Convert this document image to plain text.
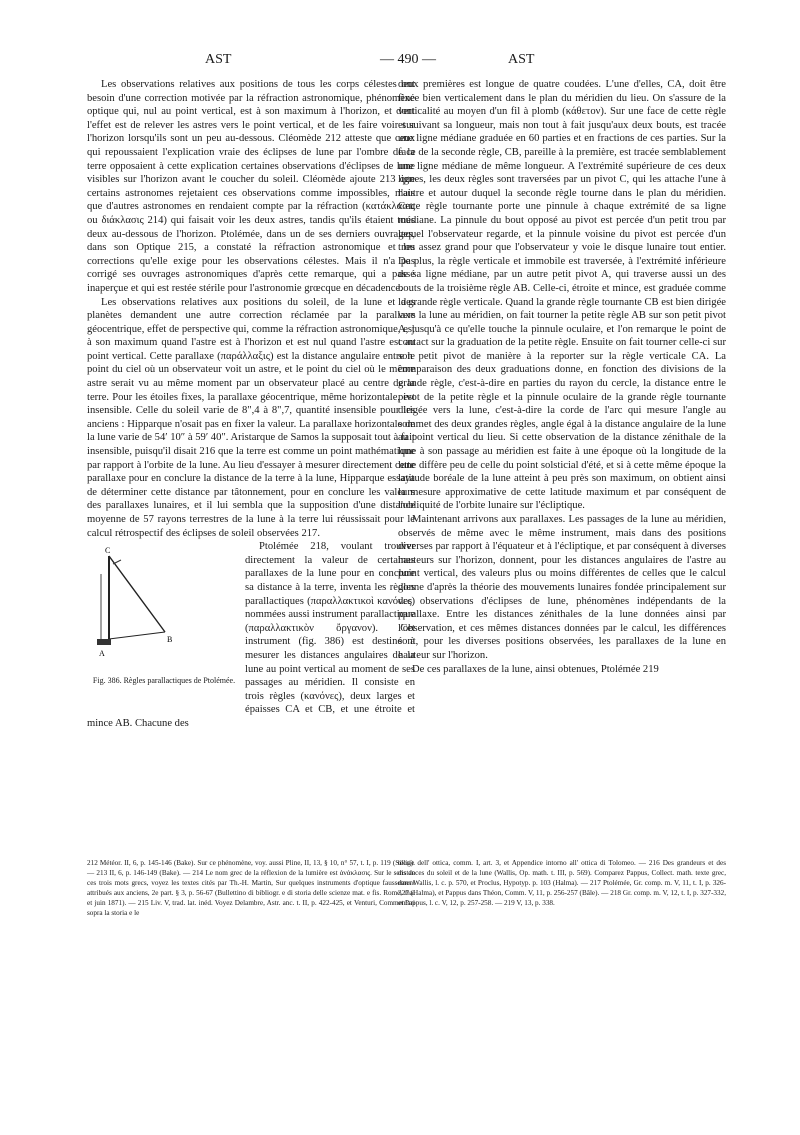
AST	— 490 —	AST

Les observations relatives aux positions de tous les corps célestes ont besoin d'une correction motivée par la réfraction astronomique, phénomène optique qui, nul au point vertical, est à son maximum à l'horizon, et dont l'effet est de relever les astres vers le point vertical, et de les faire voir sur l'horizon lorsqu'ils sont un peu au-dessous. Cléomède 212 atteste que ceux qui repoussaient l'explication vraie des éclipses de lune par l'ombre de la terre opposaient à cette explication certaines observations d'éclipses de lune visibles sur l'horizon avant le coucher du soleil. Cléomède ajoute 213 que certains astronomes rejetaient ces observations comme impossibles, mais que d'autres astronomes en rendaient compte par la réfraction (κατάκλασις ou διάκλασις 214) qui faisait voir les deux astres, tandis qu'ils étaient tous deux au-dessous de l'horizon. Ptolémée, dans un de ses derniers ouvrages, dans son Optique 215, a constaté la réfraction astronomique et les corrections qu'elle exige pour les observations célestes. Mais il n'a pas corrigé ses ouvrages astronomiques d'après cette remarque, qui a passé inaperçue et qui est restée stérile pour l'astronomie grœcque en décadence.

Les observations relatives aux positions du soleil, de la lune et des planètes demandent une autre correction réclamée par la parallaxe géocentrique, effet de perspective qui, comme la réfraction astronomique, est à son maximum quand l'astre est à l'horizon et est nul quand l'astre est au point vertical. Cette parallaxe (παράλλαξις) est la distance angulaire entre le point du ciel où un observateur voit un astre, et le point du ciel où le même astre serait vu au même moment par un observateur placé au centre de la terre. Pour les étoiles fixes, la parallaxe géocentrique, même horizontale, est insensible. Celle du soleil varie de 8",4 à 8",7, quantité insensible pour les anciens : Hipparque n'osait pas en fixer la valeur. La parallaxe horizontale de la lune varie de 54′ 10″ à 59′ 40″. Aristarque de Samos la supposait tout à fait insensible, puisqu'il disait 216 que la terre est comme un point mathématique par rapport à l'orbite de la lune. Au lieu d'essayer à mesurer directement cette parallaxe pour en conclure la distance de la terre à la lune, Hipparque essaya de déterminer cette distance par tâtonnement, pour en conclure les valeurs des parallaxes lunaires, et il lui sembla que la supposition d'une distance moyenne de 57 rayons terrestres de la lune à la terre lui réussissait pour le calcul rétrospectif des éclipses de soleil observées 217.

C
B
A
Fig. 386. Règles parallactiques de Ptolémée.

Ptolémée 218, voulant trouver directement la valeur de certaines parallaxes de la lune pour en conclure sa distance à la terre, inventa les règles parallactiques (παραλλακτικοὶ κανόνες) nommées aussi instrument parallactique (παραλλακτικὸν ὄργανον). Cet instrument (fig. 386) est destiné à mesurer les distances angulaires de la lune au point vertical au moment de ses passages au méridien. Il consiste en trois règles (κανόνες), deux larges et épaisses CA et CB, et une étroite et mince AB. Chacune des

deux premières est longue de quatre coudées. L'une d'elles, CA, doit être fixée bien verticalement dans le plan du méridien du lieu. On s'assure de la verticalité au moyen d'un fil à plomb (κάθετον). Sur une face de cette règle et suivant sa longueur, mais non tout à fait jusqu'aux deux bouts, est tracée une ligne médiane graduée en 60 parties et en fractions de ces parties. Sur la face de la seconde règle, CB, pareille à la première, est tracée semblablement une ligne médiane de même longueur. A l'extrémité supérieure de ces deux lignes, les deux règles sont traversées par un pivot C, qui les attache l'une à l'autre et autour duquel la seconde règle tourne dans le plan du méridien. Cette règle tournante porte une pinnule à chaque extrémité de sa ligne médiane. La pinnule du bout opposé au pivot est percée d'un petit trou par lequel l'observateur regarde, et la pinnule voisine du pivot est percée d'un trou assez grand pour que l'observateur y voie le disque lunaire tout entier. De plus, la règle verticale et immobile est traversée, à l'extrémité inférieure de sa ligne médiane, par un autre petit pivot A, qui traverse aussi un des bouts de la troisième règle AB. Celle-ci, étroite et mince, est graduée comme la grande règle verticale. Quand la grande règle tournante CB est bien dirigée vers la lune au méridien, on fait tourner la petite règle AB sur son petit pivot A, jusqu'à ce qu'elle touche la pinnule oculaire, et l'on remarque le point de contact sur la graduation de la petite règle. Ensuite on fait tourner celle-ci sur son petit pivot de manière à la reporter sur la règle verticale CA. La comparaison des deux graduations donne, en fonction des divisions de la grande règle, c'est-à-dire en parties du rayon du cercle, la distance entre le pivot de la petite règle et la pinnule oculaire de la grande règle tournante dirigée vers la lune, c'est-à-dire la corde de l'arc qui mesure l'angle au sommet des deux grandes règles, angle égal à la distance angulaire de la lune au point vertical du lieu. Si cette observation de la distance zénithale de la lune à son passage au méridien est faite à une époque où la longitude de la lune diffère peu de celle du point solsticial d'été, et si à cette même époque la latitude boréale de la lune atteint à peu près son maximum, on obtient ainsi la mesure approximative de cette latitude maximum et par conséquent de l'obliquité de l'orbite lunaire sur l'écliptique.

Maintenant arrivons aux parallaxes. Les passages de la lune au méridien, observés de même avec le même instrument, mais dans des positions diverses par rapport à l'équateur et à l'écliptique, et par conséquent à diverses hauteurs sur l'horizon, donnent, pour les distances angulaires de l'astre au point vertical, des valeurs plus ou moins différentes de celles que le calcul donne d'après la théorie des mouvements lunaires fondée principalement sur des observations d'éclipses de lune, phénomènes indépendants de la parallaxe. Entre les distances zénithales de la lune données ainsi par l'observation, et ces mêmes distances données par le calcul, les différences sont, pour les diverses positions observées, les parallaxes de la lune en hauteur sur l'horizon.

De ces parallaxes de la lune, ainsi obtenues, Ptolémée 219

212 Météor. II, 6, p. 145-146 (Bake). Sur ce phénomène, voy. aussi Pline, II, 13, § 10, n° 57, t. I, p. 119 (Sillig). — 213 II, 6, p. 146-149 (Bake). — 214 Le nom grec de la réflexion de la lumière est ἀνάκλασις. Sur le sens de ces trois mots grecs, voyez les textes cités par Th.-H. Martin, Sur quelques instruments d'optique faussement attribués aux anciens, 2e part. § 3, p. 56-67 (Bullettino di bibliogr. e di storia delle scienze mat. e fis. Rome, mai et juin 1871). — 215 Liv. V, trad. lat. inéd. Voyez Delambre, Astr. anc. t. II, p. 422-425, et Venturi, Commentari sopra la storia e le

teorie dell' ottica, comm. I, art. 3, et Appendice intorno all' ottica di Tolomeo. — 216 Des grandeurs et des distances du soleil et de la lune (Wallis, Op. math. t. III, p. 569). Comparez Pappus, Collect. math. texte grec, dans Wallis, l. c. p. 570, et Proclus, Hypotyp. p. 103 (Halma). — 217 Ptolémée, Gr. comp. m. V, 11, t. I, p. 326-327 (Halma), et Pappus dans Théon, Comm. V, 11, p. 256-257 (Bâle). — 218 Gr. comp. m. V, 12, t. I, p. 327-332, et Pappus, l. c. V, 12, p. 257-258. — 219 V, 13, p. 338.
